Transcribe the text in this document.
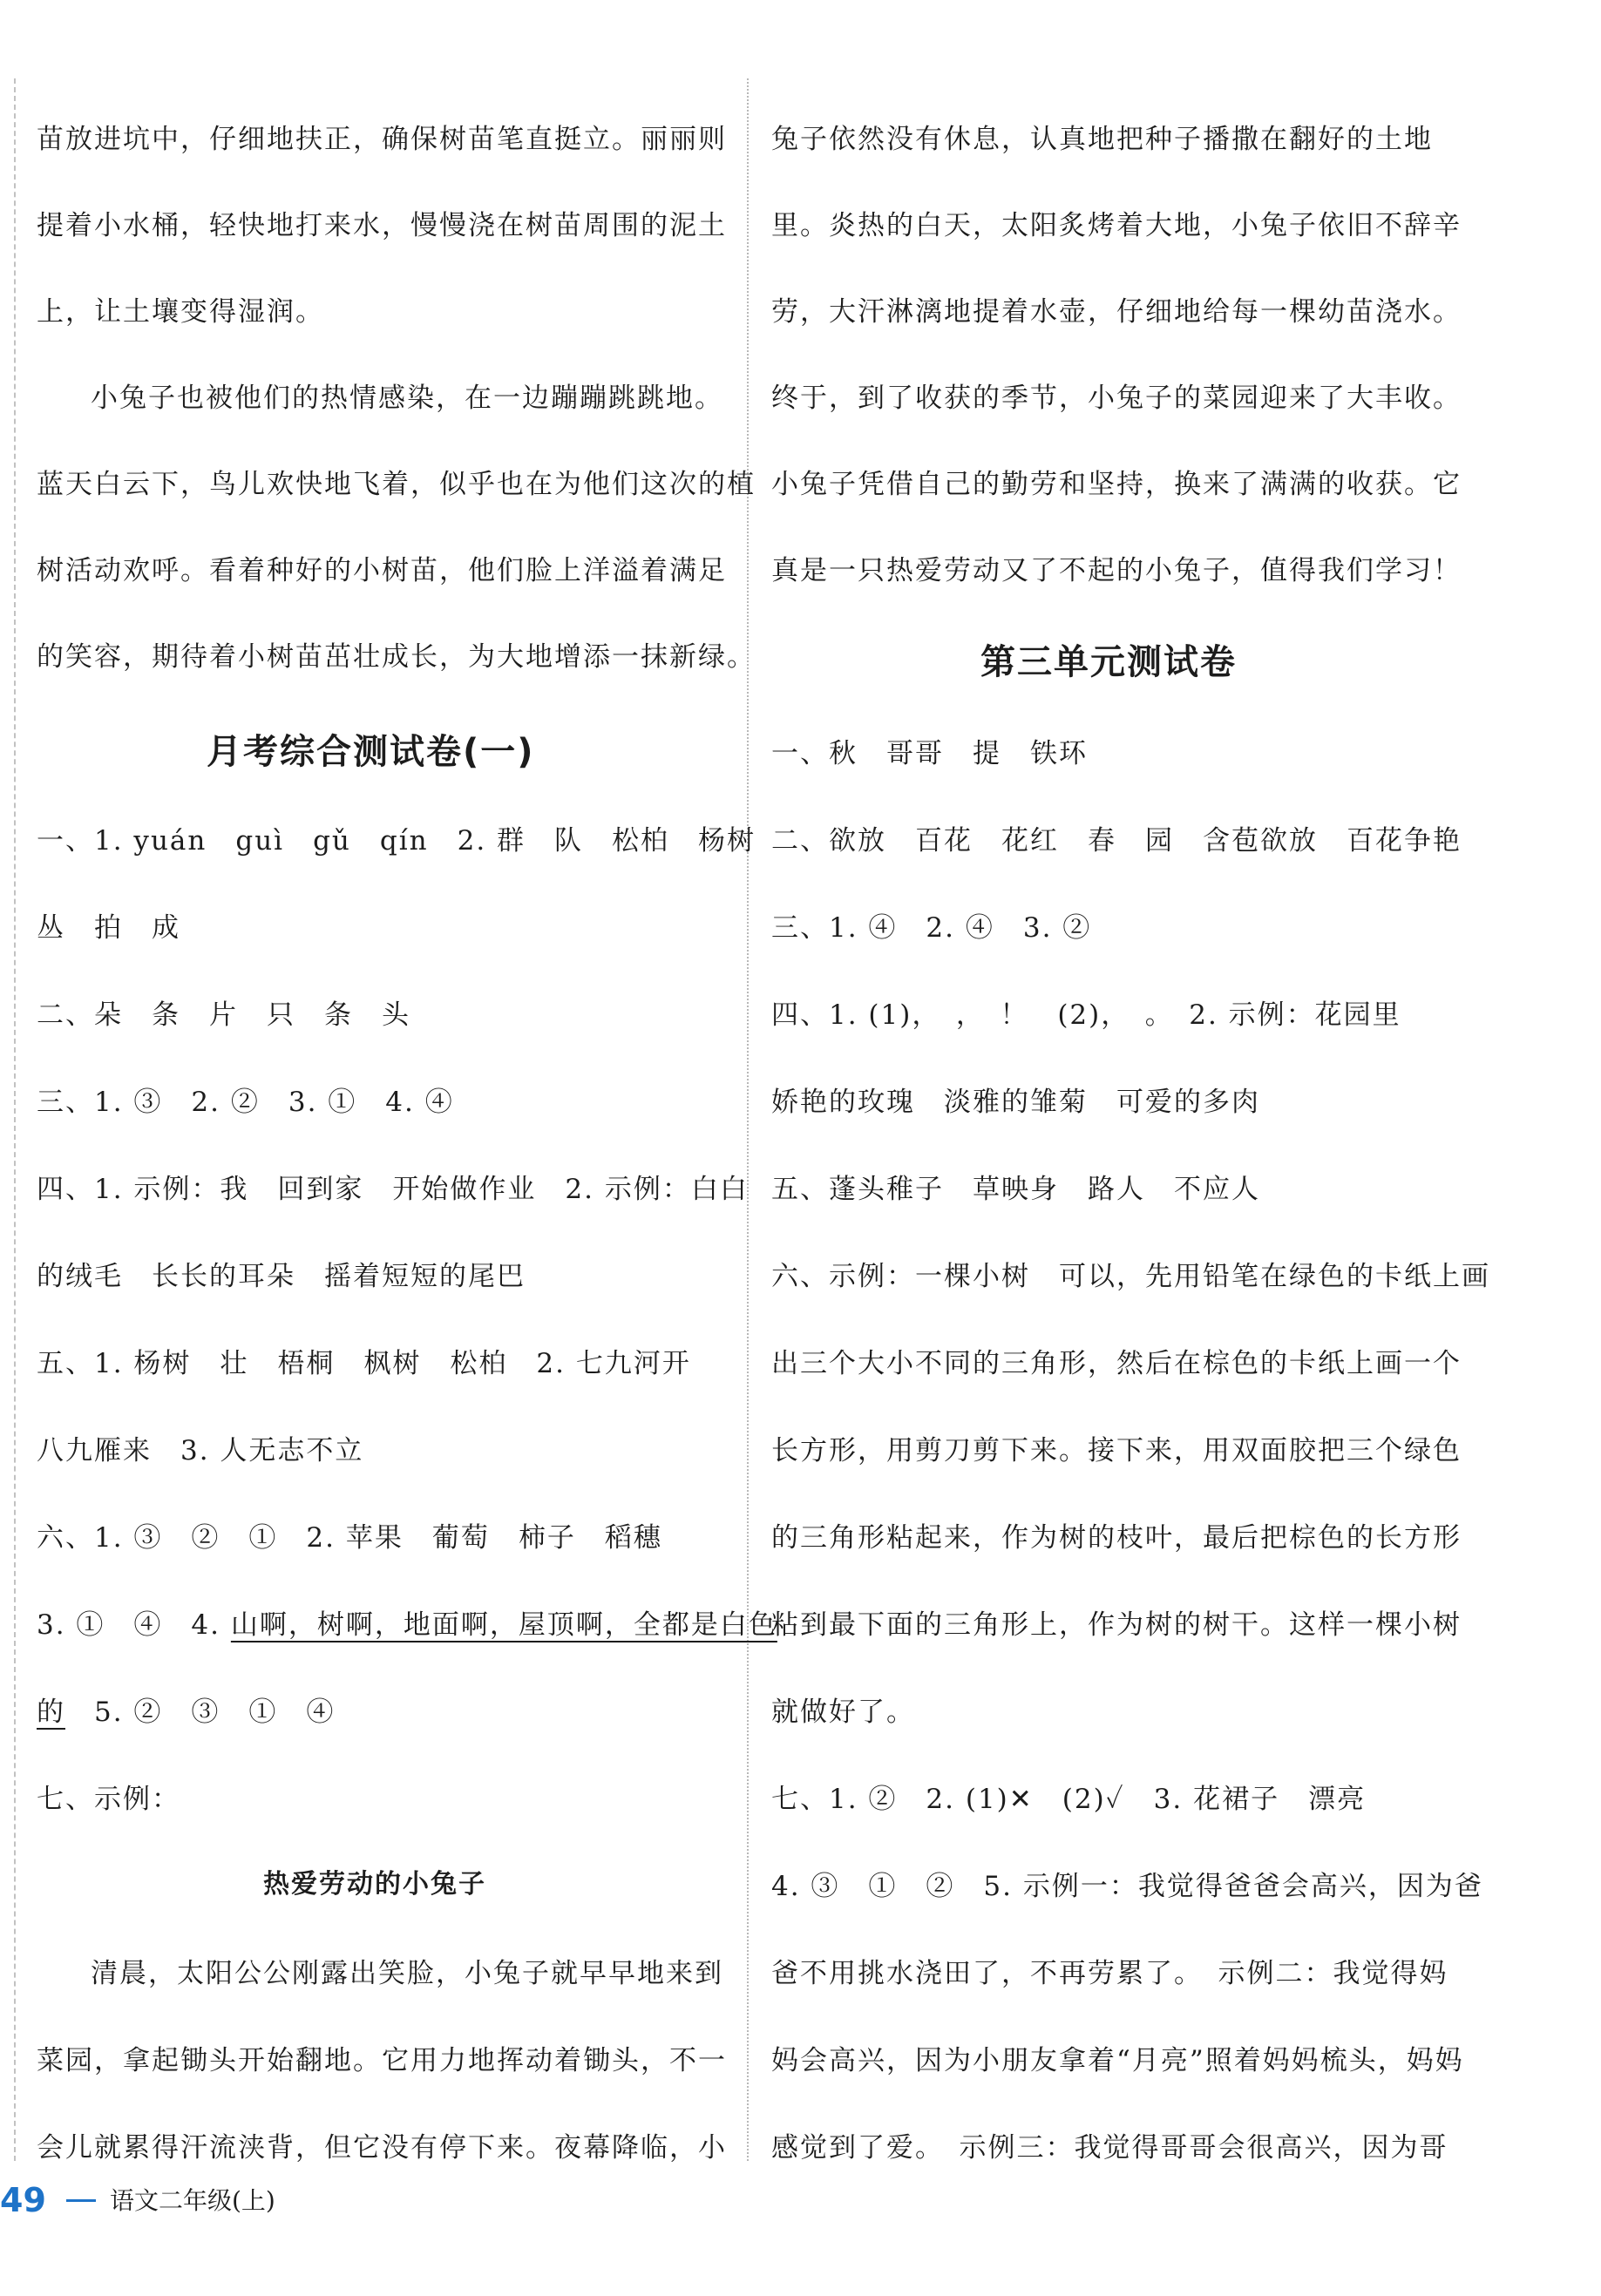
苗放进坑中，仔细地扶正，确保树苗笔直挺立。丽丽则
提着小水桶，轻快地打来水，慢慢浇在树苗周围的泥土
上，让土壤变得湿润。
小兔子也被他们的热情感染，在一边蹦蹦跳跳地。
蓝天白云下，鸟儿欢快地飞着，似乎也在为他们这次的植
树活动欢呼。看着种好的小树苗，他们脸上洋溢着满足
的笑容，期待着小树苗茁壮成长，为大地增添一抹新绿。
月考综合测试卷(一)
一、1. yuán　guì　gǔ　qín　2. 群　队　松柏　杨树
丛　拍　成
二、朵　条　片　只　条　头
三、1. ③　2. ②　3. ①　4. ④
四、1. 示例：我　回到家　开始做作业　2. 示例：白白
的绒毛　长长的耳朵　摇着短短的尾巴
五、1. 杨树　壮　梧桐　枫树　松柏　2. 七九河开
八九雁来　3. 人无志不立
六、1. ③　②　①　2. 苹果　葡萄　柿子　稻穗
3. ①　④　4. 山啊，树啊，地面啊，屋顶啊，全都是白色
的　5. ②　③　①　④
七、示例：
热爱劳动的小兔子
清晨，太阳公公刚露出笑脸，小兔子就早早地来到
菜园，拿起锄头开始翻地。它用力地挥动着锄头，不一
会儿就累得汗流浃背，但它没有停下来。夜幕降临，小
兔子依然没有休息，认真地把种子播撒在翻好的土地
里。炎热的白天，太阳炙烤着大地，小兔子依旧不辞辛
劳，大汗淋漓地提着水壶，仔细地给每一棵幼苗浇水。
终于，到了收获的季节，小兔子的菜园迎来了大丰收。
小兔子凭借自己的勤劳和坚持，换来了满满的收获。它
真是一只热爱劳动又了不起的小兔子，值得我们学习！
第三单元测试卷
一、秋　哥哥　提　铁环
二、欲放　百花　花红　春　园　含苞欲放　百花争艳
三、1. ④　2. ④　3. ②
四、1. (1)，　，　！　(2)，　。　2. 示例：花园里
娇艳的玫瑰　淡雅的雏菊　可爱的多肉
五、蓬头稚子　草映身　路人　不应人
六、示例：一棵小树　可以，先用铅笔在绿色的卡纸上画
出三个大小不同的三角形，然后在棕色的卡纸上画一个
长方形，用剪刀剪下来。接下来，用双面胶把三个绿色
的三角形粘起来，作为树的枝叶，最后把棕色的长方形
粘到最下面的三角形上，作为树的树干。这样一棵小树
就做好了。
七、1. ②　2. (1)✕　(2)✓　3. 花裙子　漂亮
4. ③　①　②　5. 示例一：我觉得爸爸会高兴，因为爸
爸不用挑水浇田了，不再劳累了。　示例二：我觉得妈
妈会高兴，因为小朋友拿着“月亮”照着妈妈梳头，妈妈
感觉到了爱。　示例三：我觉得哥哥会很高兴，因为哥
49	语文二年级(上)
